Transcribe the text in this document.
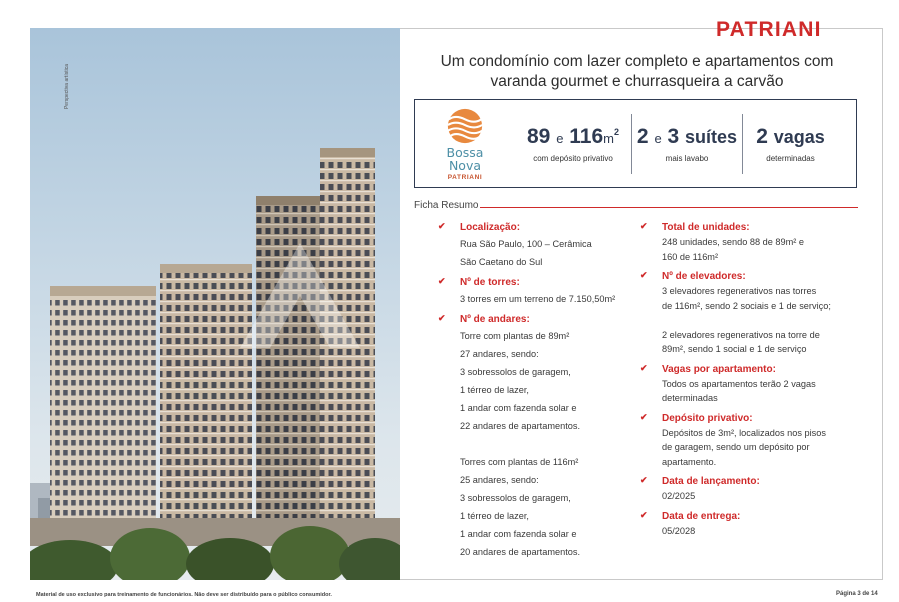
Perspectiva artística
PATRIANI
Um condomínio com lazer completo e apartamentos com varanda gourmet e churrasqueira a carvão
Bossa
Nova
PATRIANI
89 e $116m^2$
com depósito privativo
2 e 3 suítes
mais lavabo
2 vagas
determinadas
Ficha Resumo
✔ Localização:
Rua São Paulo, 100 – Cerâmica
São Caetano do Sul
✔ Nº de torres:
3 torres em um terreno de 7.150,50m²
✔ Nº de andares:
Torre com plantas de 89m²
27 andares, sendo:
3 sobressolos de garagem,
1 térreo de lazer,
1 andar com fazenda solar e
22 andares de apartamentos.

Torres com plantas de 116m²
25 andares, sendo:
3 sobressolos de garagem,
1 térreo de lazer,
1 andar com fazenda solar e
20 andares de apartamentos.
✔ Total de unidades:
248 unidades, sendo 88 de 89m² e
160 de 116m²
✔ Nº de elevadores:
3 elevadores regenerativos nas torres
de 116m², sendo 2 sociais e 1 de serviço;

2 elevadores regenerativos na torre de
89m², sendo 1 social e 1 de serviço
✔ Vagas por apartamento:
Todos os apartamentos terão 2 vagas
determinadas
✔ Depósito privativo:
Depósitos de 3m², localizados nos pisos
de garagem, sendo um depósito por
apartamento.
✔ Data de lançamento:
02/2025
✔ Data de entrega:
05/2028
Material de uso exclusivo para treinamento de funcionários. Não deve ser distribuído para o público consumidor.	Página 3 de 14
